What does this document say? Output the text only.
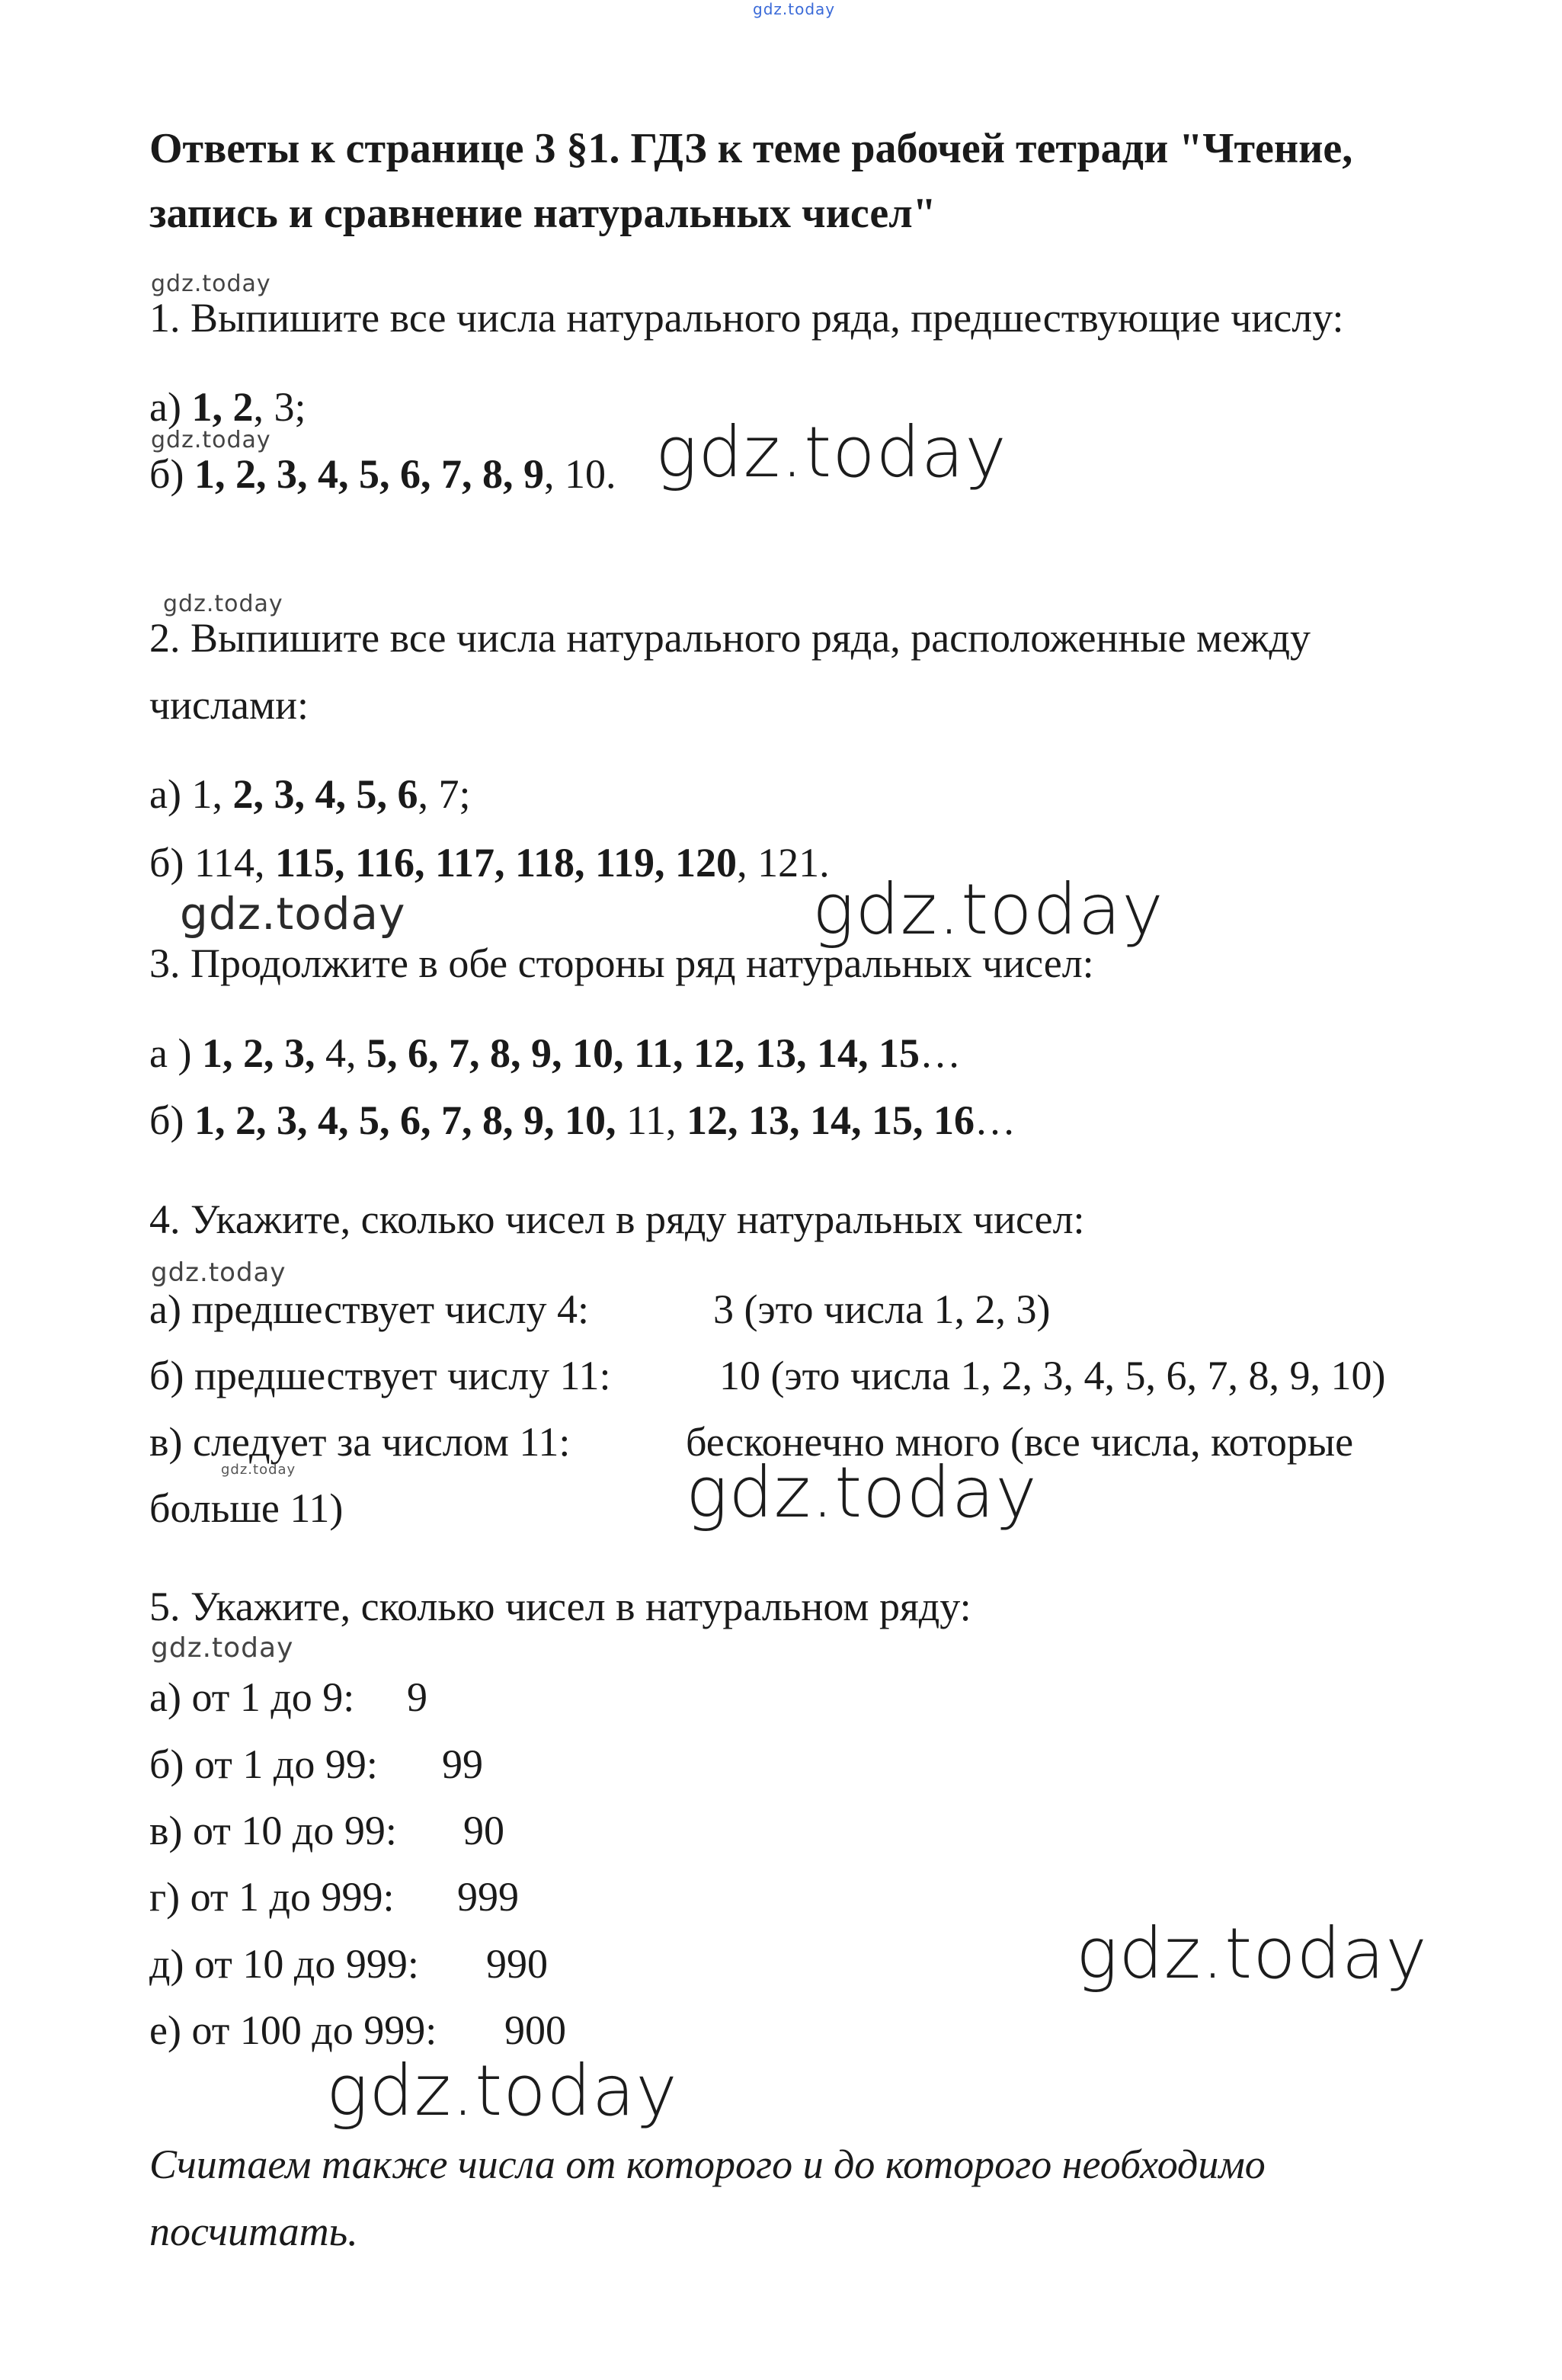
gdz.today
Ответы к странице 3 §1. ГДЗ к теме рабочей тетради "Чтение,
запись и сравнение натуральных чисел"
gdz.today
1. Выпишите все числа натурального ряда, предшествующие числу:
а) 1, 2, 3;
gdz.today
б) 1, 2, 3, 4, 5, 6, 7, 8, 9, 10. gdz.today
gdz.today
2. Выпишите все числа натурального ряда, расположенные между
числами:
а) 1, 2, 3, 4, 5, 6, 7;
б) 114, 115, 116, 117, 118, 119, 120, 121.
gdz.today	gdz.today
3. Продолжите в обе стороны ряд натуральных чисел:
а ) 1, 2, 3, 4, 5, 6, 7, 8, 9, 10, 11, 12, 13, 14, 15…
б) 1, 2, 3, 4, 5, 6, 7, 8, 9, 10, 11, 12, 13, 14, 15, 16…
4. Укажите, сколько чисел в ряду натуральных чисел:
gdz.today
а) предшествует числу 4:	3 (это числа 1, 2, 3)
б) предшествует числу 11:	10 (это числа 1, 2, 3, 4, 5, 6, 7, 8, 9, 10)
в) следует за числом 11:	бесконечно много (все числа, которые
gdz.today
больше 11)	gdz.today
5. Укажите, сколько чисел в натуральном ряду:
gdz.today
а) от 1 до 9: 9
б) от 1 до 99: 99
в) от 10 до 99: 90
г) от 1 до 999: 999
д) от 10 до 999: 990
е) от 100 до 999: 900
gdz.today
gdz.today
Считаем также числа от которого и до которого необходимо
посчитать.
